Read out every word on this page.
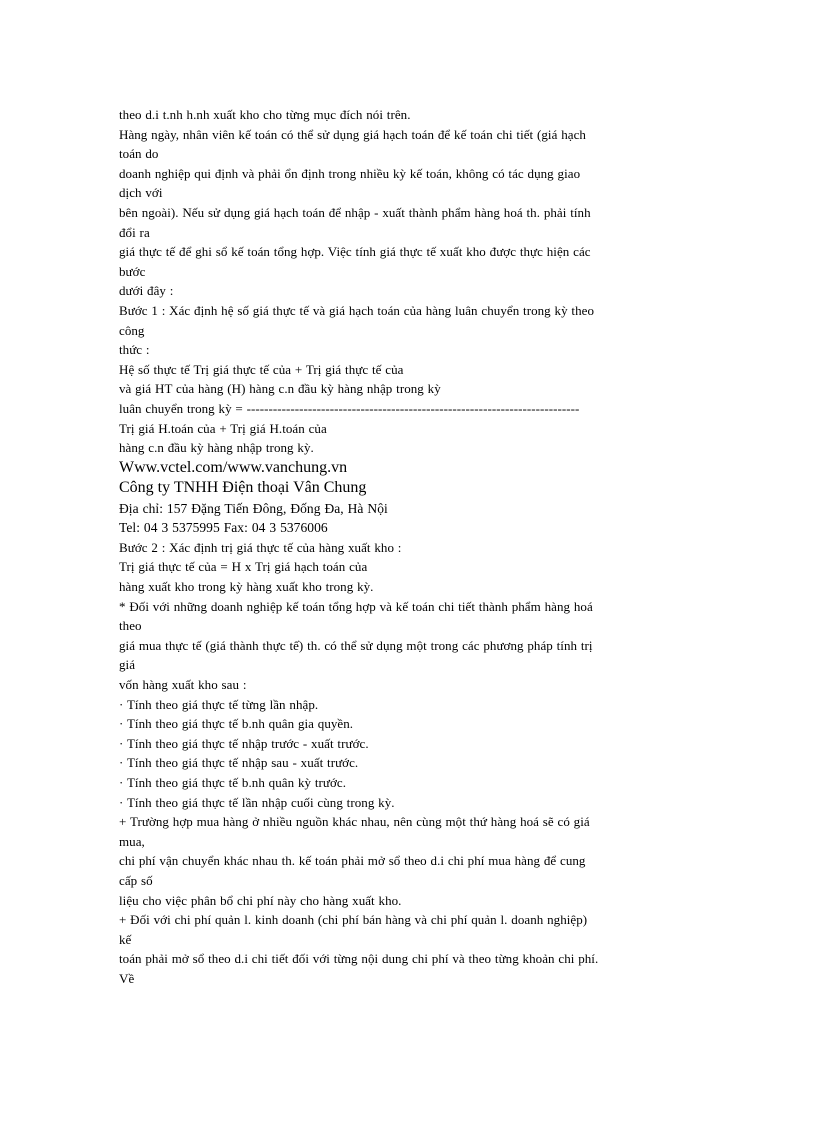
theo d.i t.nh h.nh xuất kho cho từng mục đích nói trên.
Hàng ngày, nhân viên kế toán có thể sử dụng giá hạch toán để kế toán chi tiết (giá hạch
toán do
doanh nghiệp qui định và phải ổn định trong nhiều kỳ kế toán, không có tác dụng giao
dịch với
bên ngoài). Nếu sử dụng giá hạch toán để nhập - xuất thành phẩm hàng hoá th. phải tính
đổi ra
giá thực tế để ghi sổ kế toán tổng hợp. Việc tính giá thực tế xuất kho được thực hiện các
bước
dưới đây :
Bước 1 : Xác định hệ số giá thực tế và giá hạch toán của hàng luân chuyển trong kỳ theo
công
thức :
Hệ số thực tế Trị giá thực tế của + Trị giá thực tế của
và giá HT của hàng (H) hàng c.n đầu kỳ hàng nhập trong kỳ
luân chuyển trong kỳ = ----------------------------------------------------------------------------
Trị giá H.toán của + Trị giá H.toán của
hàng c.n đầu kỳ hàng nhập trong kỳ.
Www.vctel.com/www.vanchung.vn
Công ty TNHH Điện thoại Vân Chung
Địa chỉ: 157 Đặng Tiến Đông, Đống Đa, Hà Nội
Tel: 04 3 5375995 Fax: 04 3 5376006
Bước 2 : Xác định trị giá thực tế của hàng xuất kho :
Trị giá thực tế của = H x Trị giá hạch toán của
hàng xuất kho trong kỳ hàng xuất kho trong kỳ.
* Đối với những doanh nghiệp kế toán tổng hợp và kế toán chi tiết thành phẩm hàng hoá
theo
giá mua thực tế (giá thành thực tế) th. có thể sử dụng một trong các phương pháp tính trị
giá
vốn hàng xuất kho sau :
· Tính theo giá thực tế từng lần nhập.
· Tính theo giá thực tế b.nh quân gia quyền.
· Tính theo giá thực tế nhập trước - xuất trước.
· Tính theo giá thực tế nhập sau - xuất trước.
· Tính theo giá thực tế b.nh quân kỳ trước.
· Tính theo giá thực tế lần nhập cuối cùng trong kỳ.
+ Trường hợp mua hàng ở nhiều nguồn khác nhau, nên cùng một thứ hàng hoá sẽ có giá
mua,
chi phí vận chuyển khác nhau th. kế toán phải mở sổ theo d.i chi phí mua hàng để cung
cấp số
liệu cho việc phân bổ chi phí này cho hàng xuất kho.
+ Đối với chi phí quản l. kinh doanh (chi phí bán hàng và chi phí quản l. doanh nghiệp)
kế
toán phải mở sổ theo d.i chi tiết đối với từng nội dung chi phí và theo từng khoản chi phí.
Về
